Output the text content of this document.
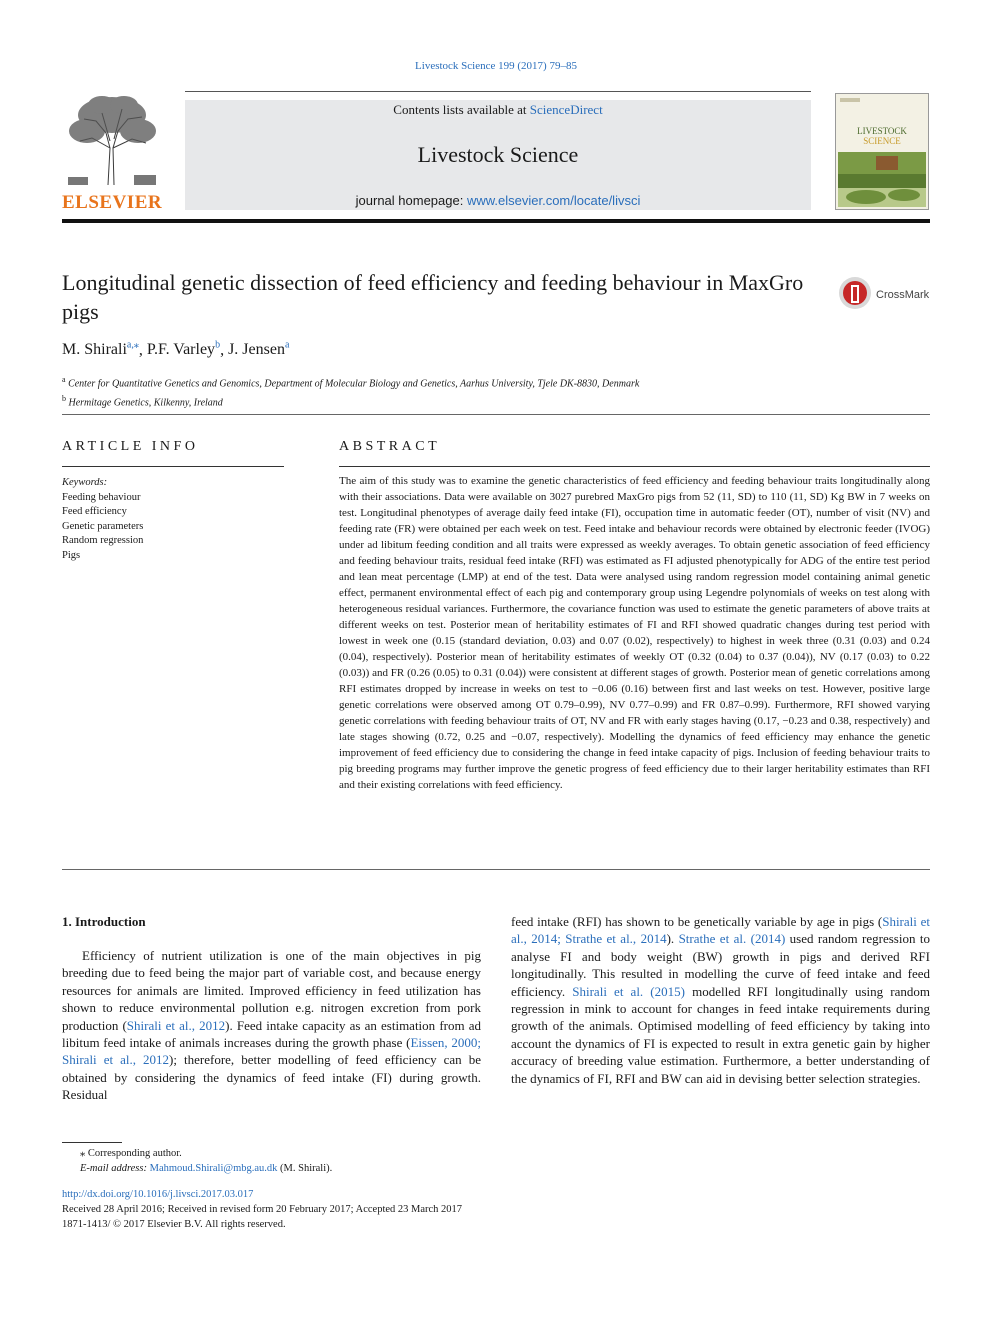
Livestock Science 199 (2017) 79–85
ELSEVIER
Contents lists available at ScienceDirect
Livestock Science
journal homepage: www.elsevier.com/locate/livsci
LIVESTOCK
SCIENCE
Longitudinal genetic dissection of feed efficiency and feeding behaviour in MaxGro pigs
CrossMark
M. Shirali$^{a,⁎}$, P.F. Varley$^b$, J. Jensen$^a$
$^a$ Center for Quantitative Genetics and Genomics, Department of Molecular Biology and Genetics, Aarhus University, Tjele DK-8830, Denmark
$^b$ Hermitage Genetics, Kilkenny, Ireland
ARTICLE INFO
Keywords:
Feeding behaviour
Feed efficiency
Genetic parameters
Random regression
Pigs
ABSTRACT
The aim of this study was to examine the genetic characteristics of feed efficiency and feeding behaviour traits longitudinally along with their associations. Data were available on 3027 purebred MaxGro pigs from 52 (11, SD) to 110 (11, SD) Kg BW in 7 weeks on test. Longitudinal phenotypes of average daily feed intake (FI), occupation time in automatic feeder (OT), number of visit (NV) and feeding rate (FR) were obtained per each week on test. Feed intake and behaviour records were obtained by electronic feeder (IVOG) under ad libitum feeding condition and all traits were expressed as weekly averages. To obtain genetic association of feed efficiency and feeding behaviour traits, residual feed intake (RFI) was estimated as FI adjusted phenotypically for ADG of the entire test period and lean meat percentage (LMP) at end of the test. Data were analysed using random regression model containing animal genetic effect, permanent environmental effect of each pig and contemporary group using Legendre polynomials of weeks on test along with heterogeneous residual variances. Furthermore, the covariance function was used to estimate the genetic parameters of above traits at different weeks on test. Posterior mean of heritability estimates of FI and RFI showed quadratic changes during test period with lowest in week one (0.15 (standard deviation, 0.03) and 0.07 (0.02), respectively) to highest in week three (0.31 (0.03) and 0.24 (0.04), respectively). Posterior mean of heritability estimates of weekly OT (0.32 (0.04) to 0.37 (0.04)), NV (0.17 (0.03) to 0.22 (0.03)) and FR (0.26 (0.05) to 0.31 (0.04)) were consistent at different stages of growth. Posterior mean of genetic correlations among RFI estimates dropped by increase in weeks on test to −0.06 (0.16) between first and last weeks on test. However, positive large genetic correlations were observed among OT 0.79–0.99), NV 0.77–0.99) and FR 0.87–0.99). Furthermore, RFI showed varying genetic correlations with feeding behaviour traits of OT, NV and FR with early stages having (0.17, −0.23 and 0.38, respectively) and late stages showing (0.72, 0.25 and −0.07, respectively). Modelling the dynamics of feed efficiency may enhance the genetic improvement of feed efficiency due to considering the change in feed intake capacity of pigs. Inclusion of feeding behaviour traits to pig breeding programs may further improve the genetic progress of feed efficiency due to their larger heritability estimates than RFI and their existing correlations with feed efficiency.
1. Introduction
Efficiency of nutrient utilization is one of the main objectives in pig breeding due to feed being the major part of variable cost, and because energy resources for animals are limited. Improved efficiency in feed utilization has shown to reduce environmental pollution e.g. nitrogen excretion from pork production (Shirali et al., 2012). Feed intake capacity as an estimation from ad libitum feed intake of animals increases during the growth phase (Eissen, 2000; Shirali et al., 2012); therefore, better modelling of feed efficiency can be obtained by considering the dynamics of feed intake (FI) during growth. Residual
feed intake (RFI) has shown to be genetically variable by age in pigs (Shirali et al., 2014; Strathe et al., 2014). Strathe et al. (2014) used random regression to analyse FI and body weight (BW) growth in pigs and derived RFI longitudinally. This resulted in modelling the curve of feed intake and feed efficiency. Shirali et al. (2015) modelled RFI longitudinally using random regression in mink to account for changes in feed intake requirements during growth of the animals. Optimised modelling of feed efficiency by taking into account the dynamics of FI is expected to result in extra genetic gain by higher accuracy of breeding value estimation. Furthermore, a better understanding of the dynamics of FI, RFI and BW can aid in devising better selection strategies.
⁎ Corresponding author.
E-mail address: Mahmoud.Shirali@mbg.au.dk (M. Shirali).
http://dx.doi.org/10.1016/j.livsci.2017.03.017
Received 28 April 2016; Received in revised form 20 February 2017; Accepted 23 March 2017
1871-1413/ © 2017 Elsevier B.V. All rights reserved.
